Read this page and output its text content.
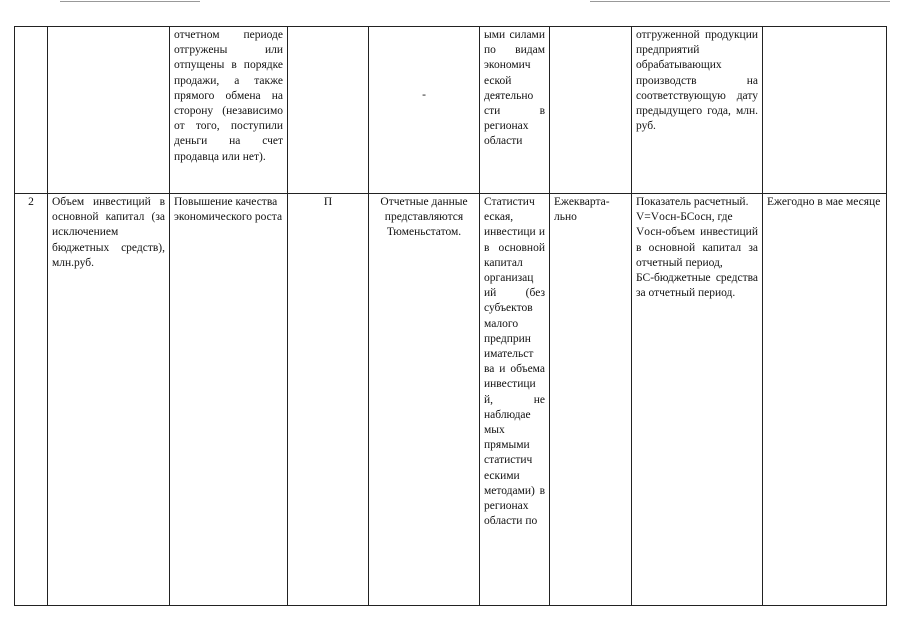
		отчетном периоде отгружены или отпущены в порядке продажи, а также прямого обмена на сторону (независимо от того, поступили деньги на счет продавца или нет).		-	ыми силами по видам экономич еской деятельно сти в регионах области		отгруженной продукции предприятий обрабатывающих производств на соответствующую дату предыдущего года, млн. руб.	
2	Объем инвестиций в основной капитал (за исключением бюджетных средств), млн.руб.	Повышение качества экономического роста	П	Отчетные данные представляются Тюменьстатом.	Статистич еская, инвестици и в основной капитал организац ий (без субъектов малого предприн имательст ва и объема инвестици й, не наблюдае мых прямыми статистич ескими методами) в регионах области по	Ежекварта-льно	Показатель расчетный.
V=Vосн-БСосн, где
Vосн-объем инвестиций в основной капитал за отчетный период,
БС-бюджетные средства за отчетный период.	Ежегодно в мае месяце
